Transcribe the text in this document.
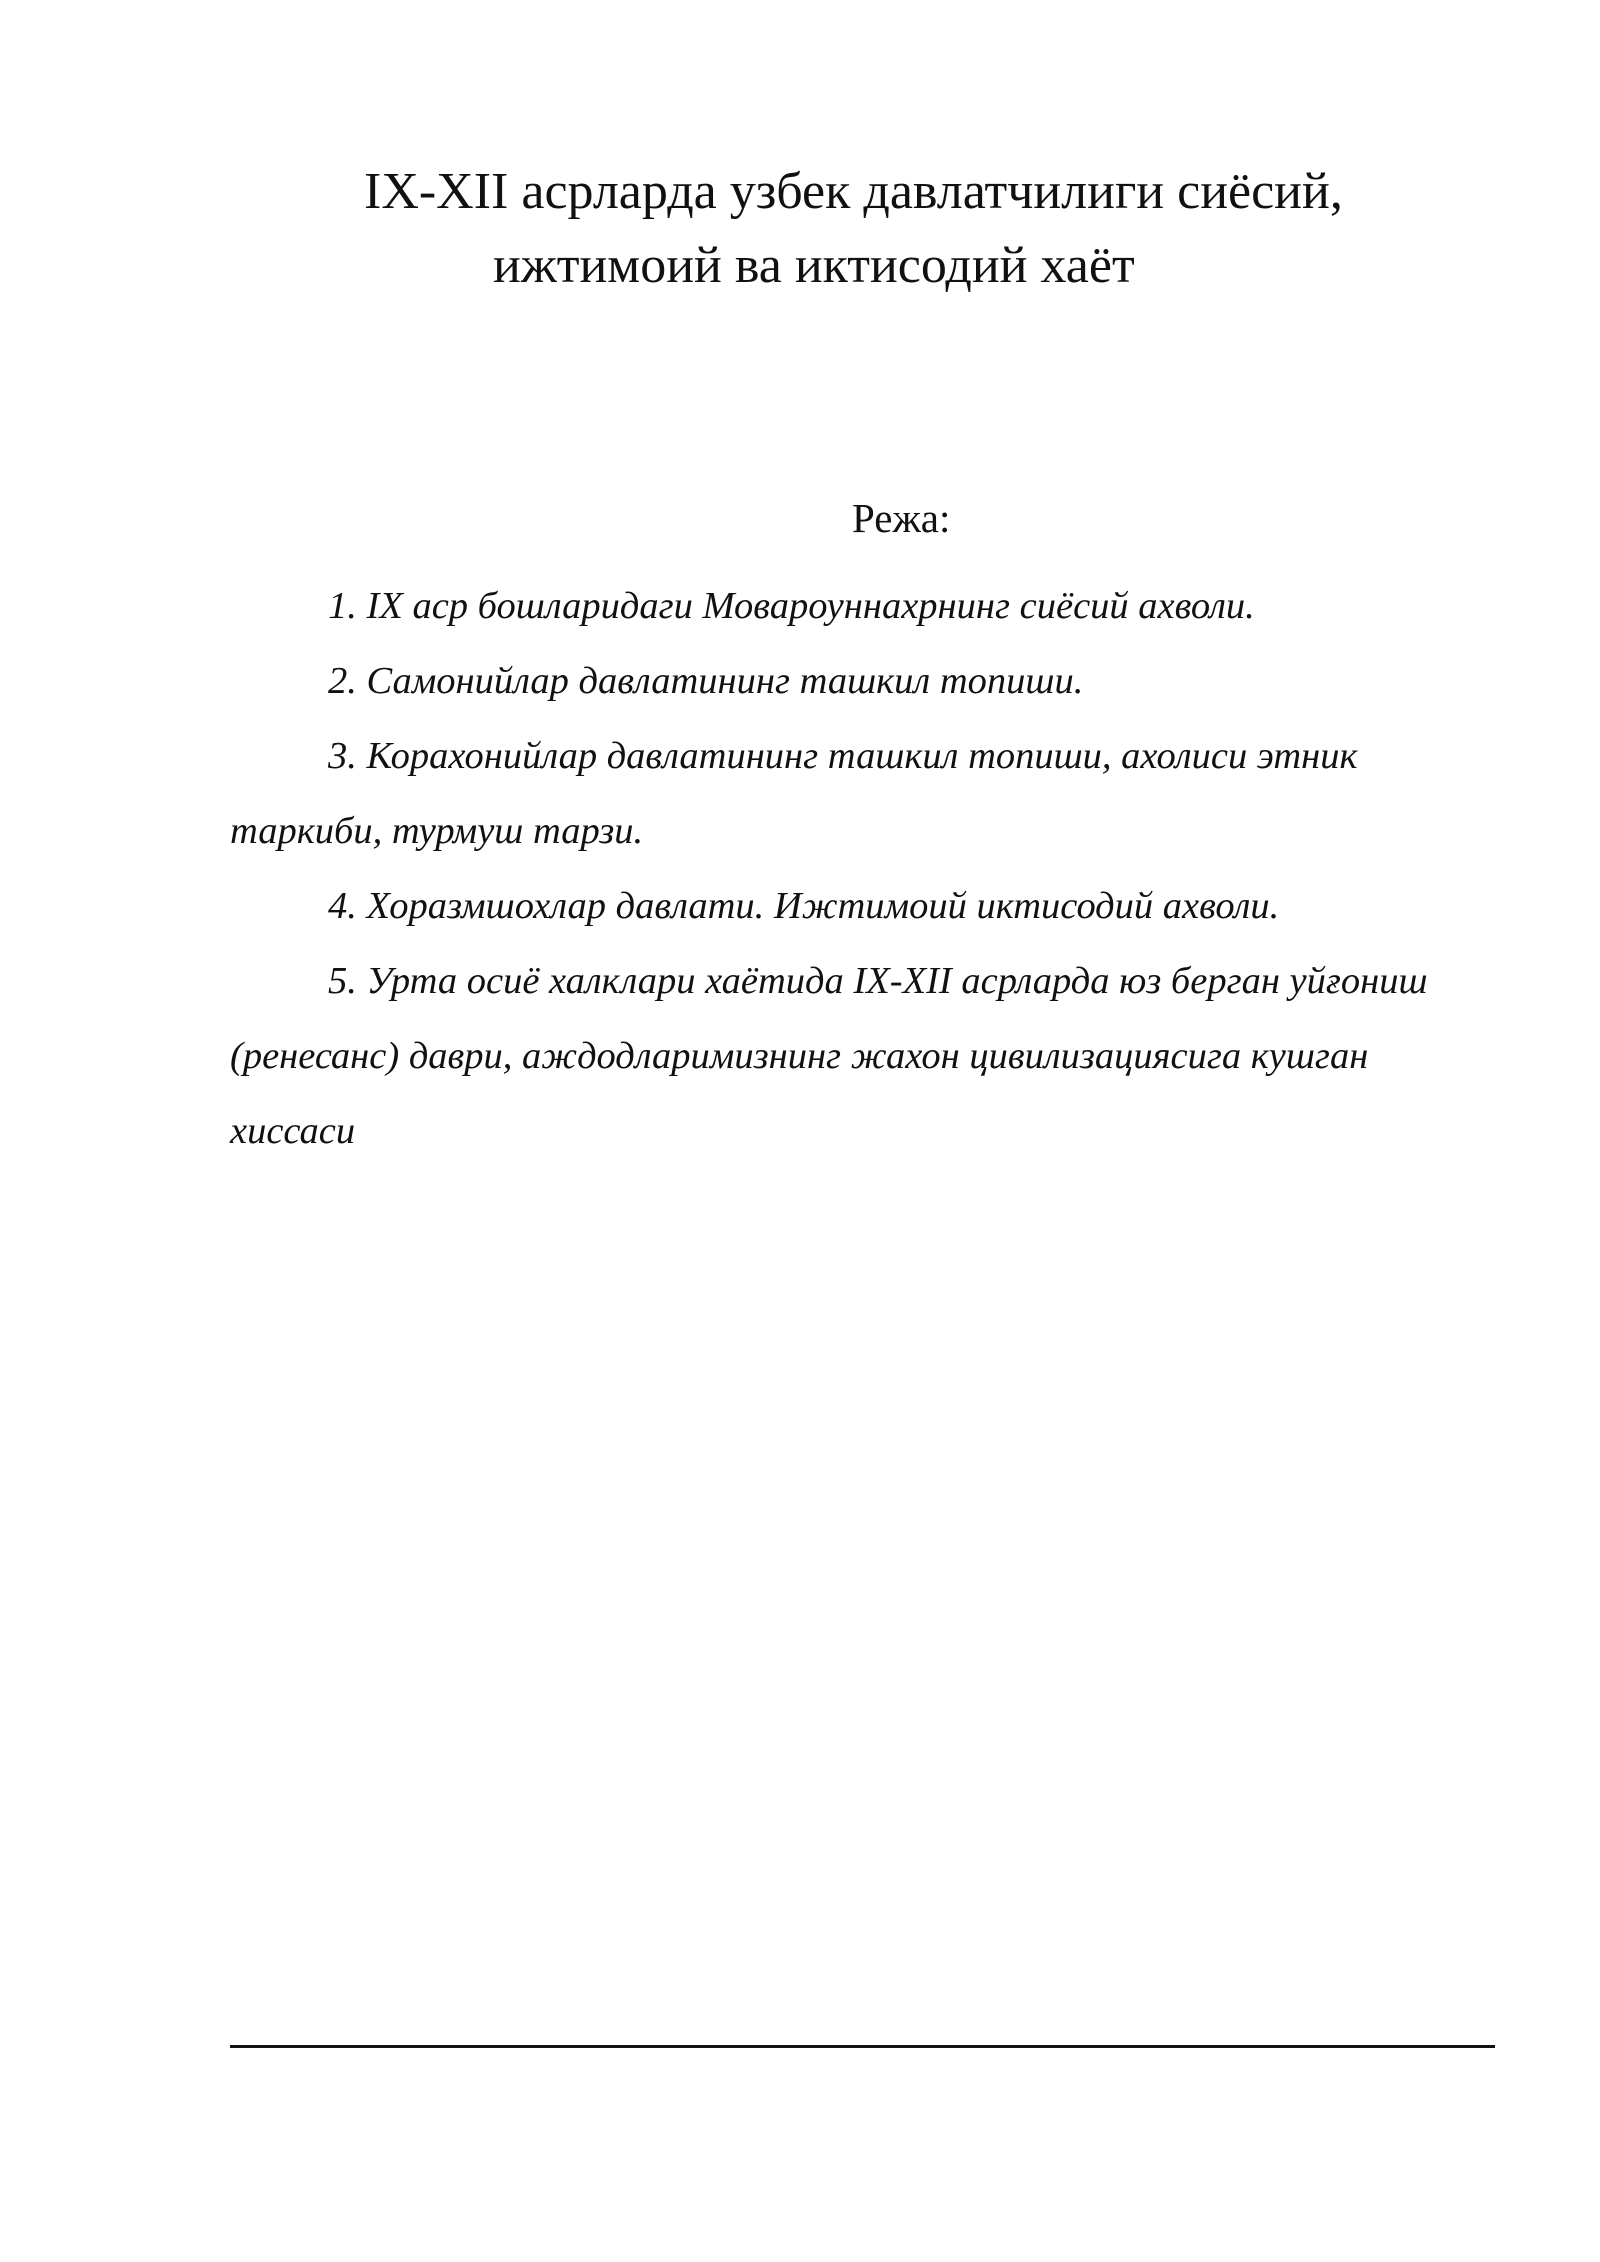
IX-XII асрларда узбек давлатчилиги сиёсий,
ижтимоий ва иктисодий хаёт
Режа:
1. IX аср бошларидаги Мовароуннахрнинг сиёсий ахволи.
2. Самонийлар давлатининг ташкил топиши.
3. Корахонийлар давлатининг ташкил топиши, ахолиси этник таркиби, турмуш тарзи.
4. Хоразмшохлар давлати. Ижтимоий иктисодий ахволи.
5. Урта осиё халклари хаётида IX-XII асрларда юз берган уйғониш (ренесанс) даври, аждодларимизнинг жахон цивилизациясига кушган хиссаси
